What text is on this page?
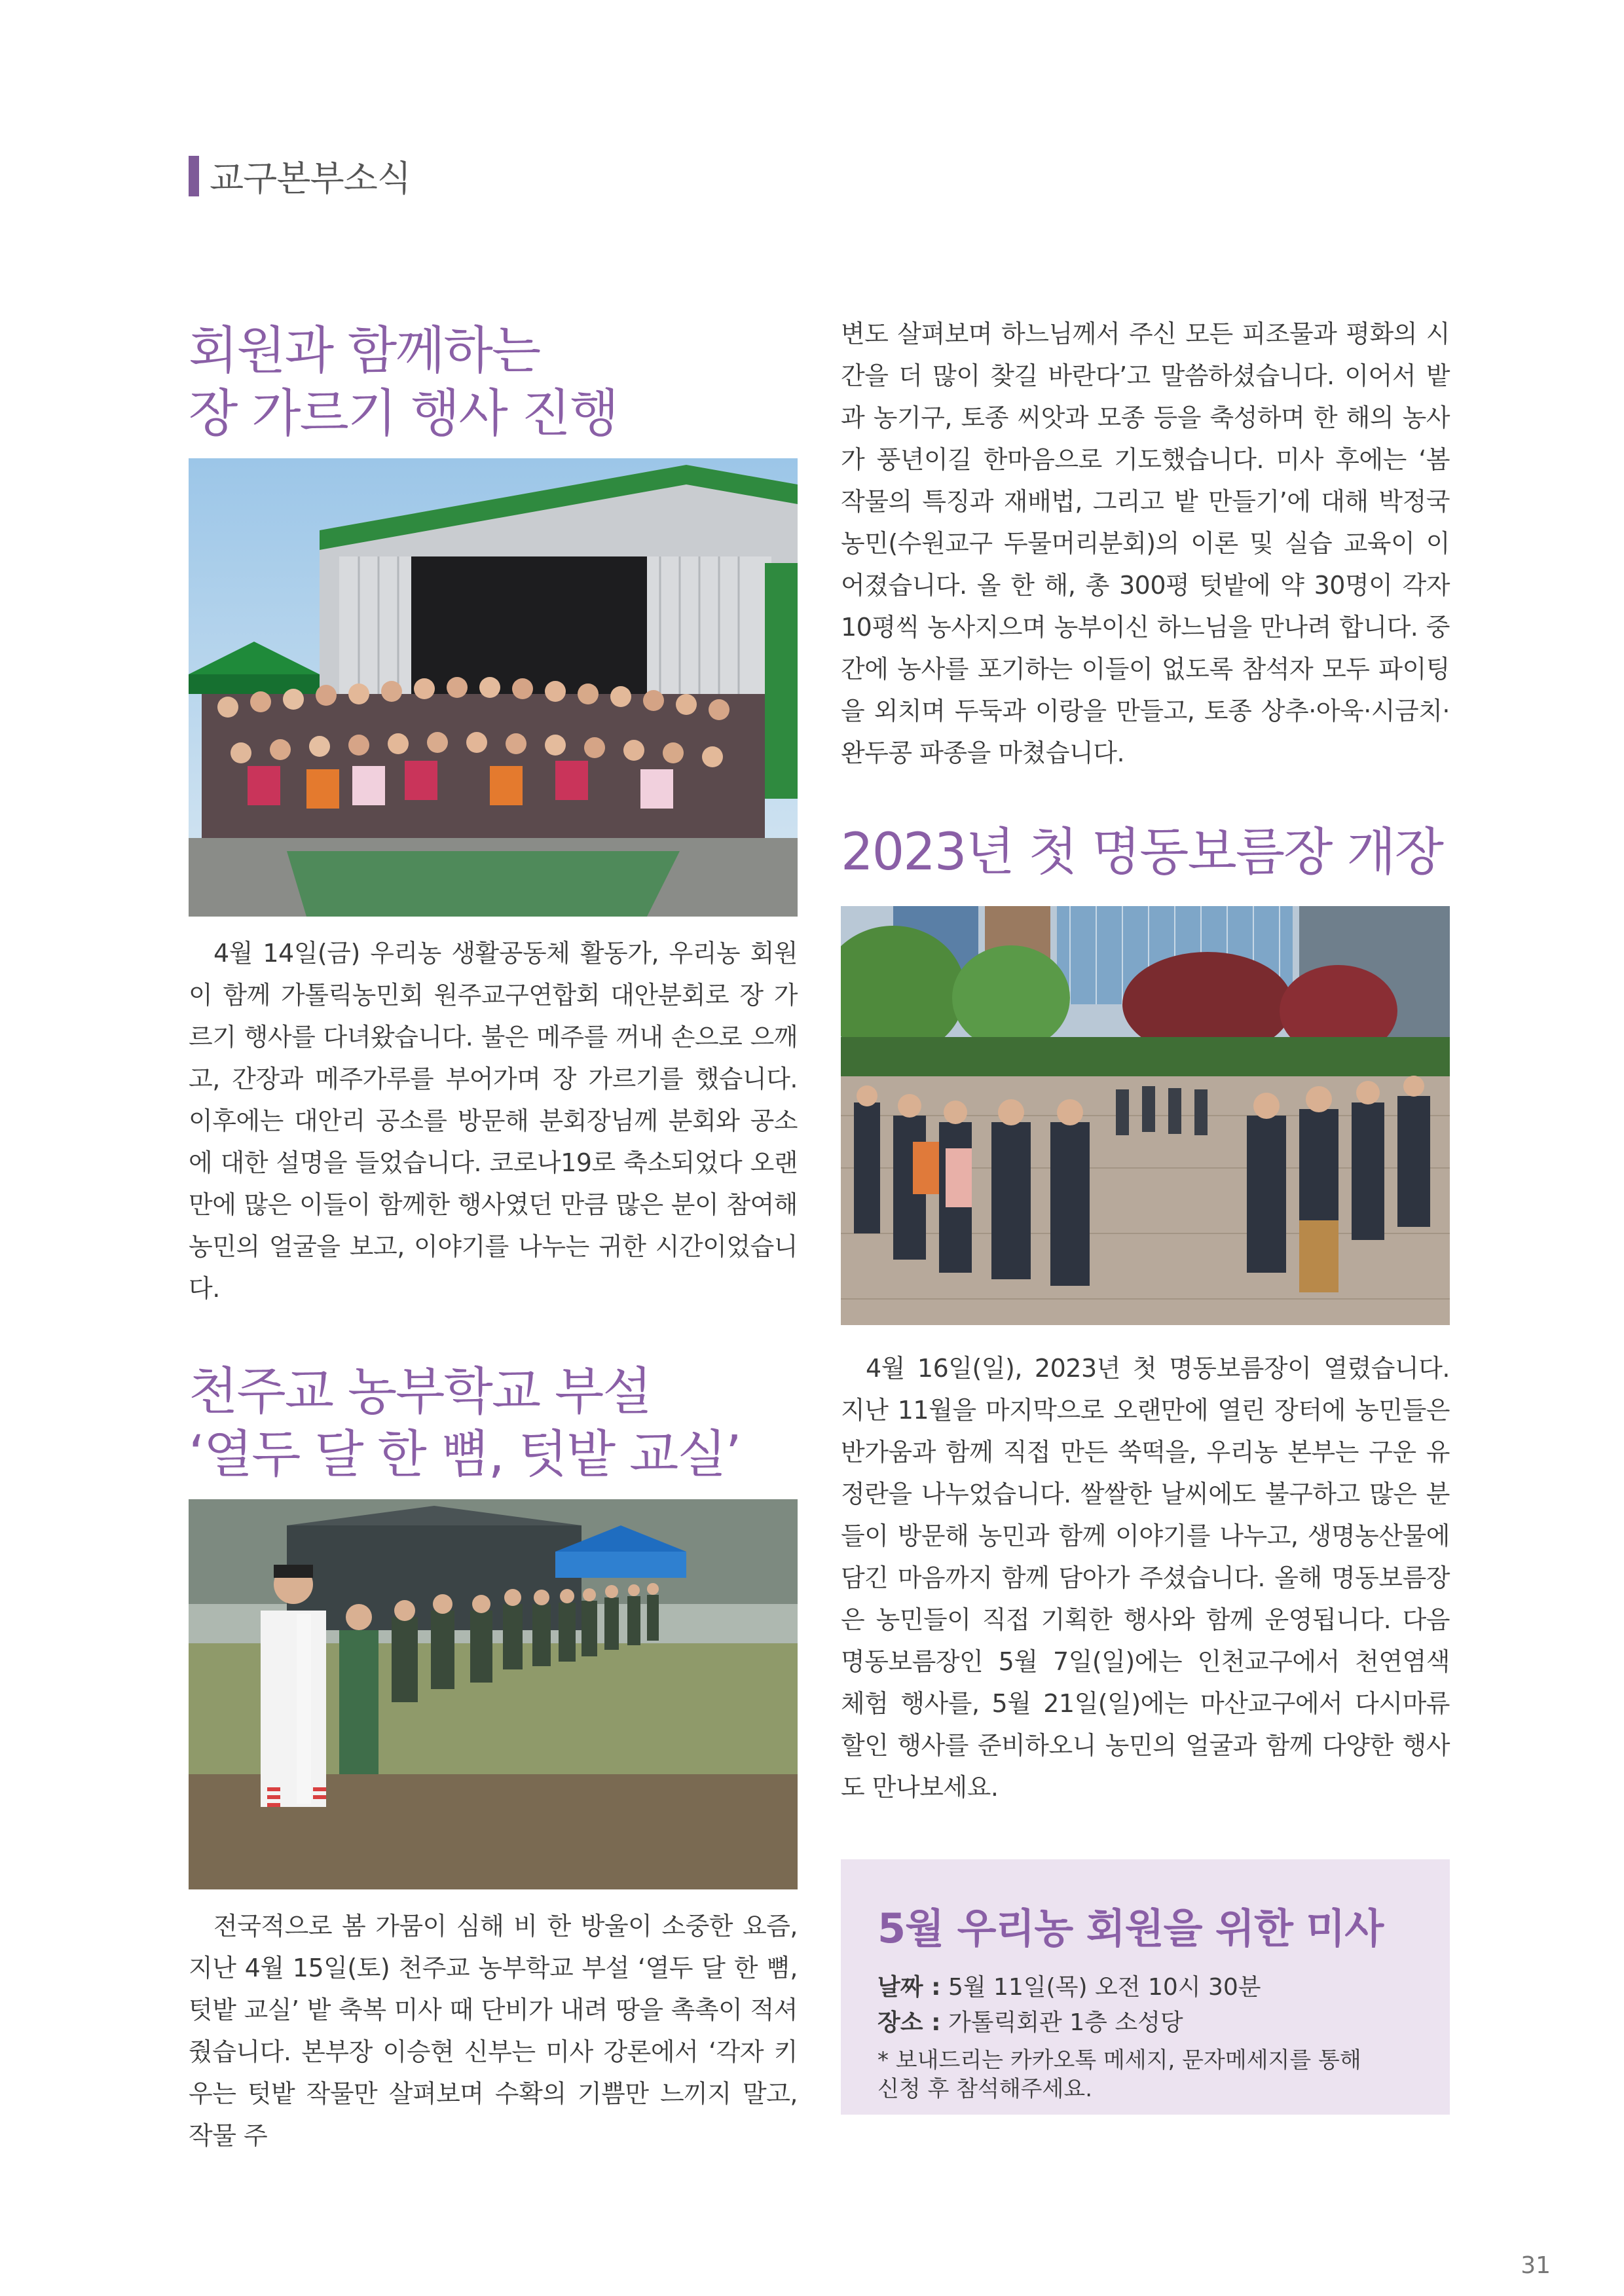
교구본부소식
회원과 함께하는
장 가르기 행사 진행

4월 14일(금) 우리농 생활공동체 활동가, 우리농 회원이 함께 가톨릭농민회 원주교구연합회 대안분회로 장 가르기 행사를 다녀왔습니다. 불은 메주를 꺼내 손으로 으깨고, 간장과 메주가루를 부어가며 장 가르기를 했습니다. 이후에는 대안리 공소를 방문해 분회장님께 분회와 공소에 대한 설명을 들었습니다. 코로나19로 축소되었다 오랜만에 많은 이들이 함께한 행사였던 만큼 많은 분이 참여해 농민의 얼굴을 보고, 이야기를 나누는 귀한 시간이었습니다.

천주교 농부학교 부설
‘열두 달 한 뼘, 텃밭 교실’

전국적으로 봄 가뭄이 심해 비 한 방울이 소중한 요즘, 지난 4월 15일(토) 천주교 농부학교 부설 ‘열두 달 한 뼘, 텃밭 교실’ 밭 축복 미사 때 단비가 내려 땅을 촉촉이 적셔줬습니다. 본부장 이승현 신부는 미사 강론에서 ‘각자 키우는 텃밭 작물만 살펴보며 수확의 기쁨만 느끼지 말고, 작물 주

변도 살펴보며 하느님께서 주신 모든 피조물과 평화의 시간을 더 많이 찾길 바란다’고 말씀하셨습니다. 이어서 밭과 농기구, 토종 씨앗과 모종 등을 축성하며 한 해의 농사가 풍년이길 한마음으로 기도했습니다. 미사 후에는 ‘봄 작물의 특징과 재배법, 그리고 밭 만들기’에 대해 박정국 농민(수원교구 두물머리분회)의 이론 및 실습 교육이 이어졌습니다. 올 한 해, 총 300평 텃밭에 약 30명이 각자 10평씩 농사지으며 농부이신 하느님을 만나려 합니다. 중간에 농사를 포기하는 이들이 없도록 참석자 모두 파이팅을 외치며 두둑과 이랑을 만들고, 토종 상추·아욱·시금치·완두콩 파종을 마쳤습니다.

2023년 첫 명동보름장 개장

4월 16일(일), 2023년 첫 명동보름장이 열렸습니다. 지난 11월을 마지막으로 오랜만에 열린 장터에 농민들은 반가움과 함께 직접 만든 쑥떡을, 우리농 본부는 구운 유정란을 나누었습니다. 쌀쌀한 날씨에도 불구하고 많은 분들이 방문해 농민과 함께 이야기를 나누고, 생명농산물에 담긴 마음까지 함께 담아가 주셨습니다. 올해 명동보름장은 농민들이 직접 기획한 행사와 함께 운영됩니다. 다음 명동보름장인 5월 7일(일)에는 인천교구에서 천연염색 체험 행사를, 5월 21일(일)에는 마산교구에서 다시마류 할인 행사를 준비하오니 농민의 얼굴과 함께 다양한 행사도 만나보세요.

5월 우리농 회원을 위한 미사

날짜 : 5월 11일(목) 오전 10시 30분

장소 : 가톨릭회관 1층 소성당

* 보내드리는 카카오톡 메세지, 문자메세지를 통해
신청 후 참석해주세요.

31
